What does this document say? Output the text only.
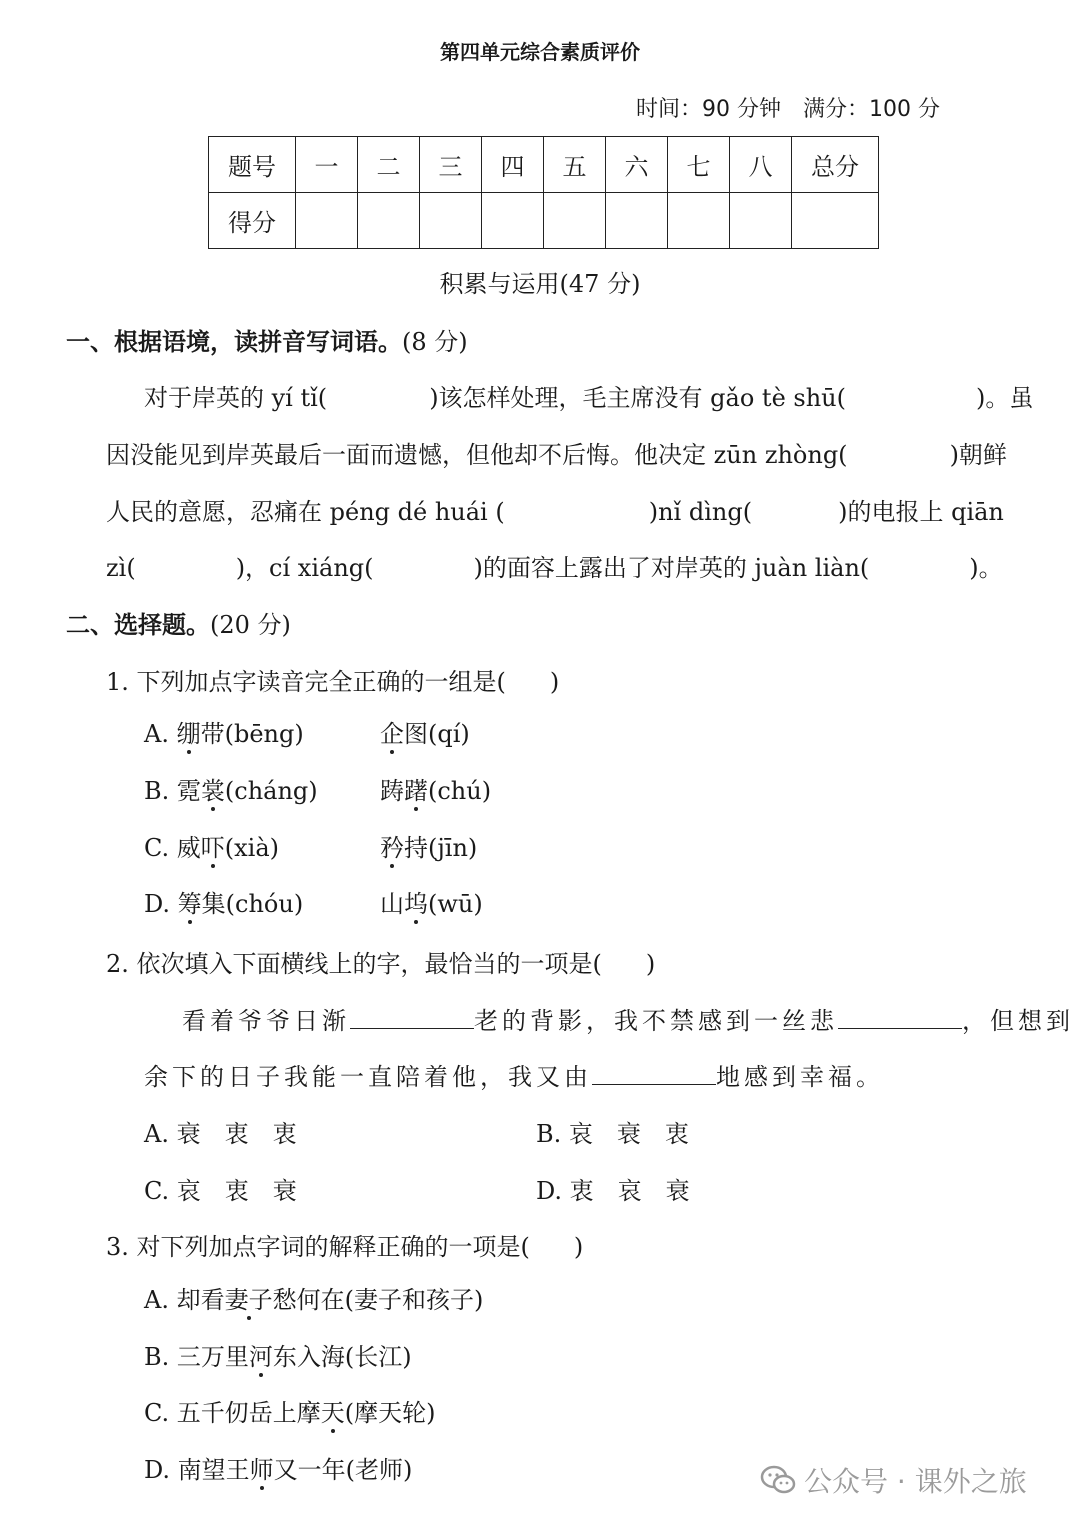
第四单元综合素质评价
时间：90 分钟 满分：100 分
题号	一	二	三	四	五	六	七	八	总分
得分									
积累与运用(47 分)
一、根据语境，读拼音写词语。(8 分)
对于岸英的 yí tǐ(	)该怎样处理，毛主席没有 gǎo tè shū(	)。虽
因没能见到岸英最后一面而遗憾，但他却不后悔。他决定 zūn zhòng(	)朝鲜
人民的意愿，忍痛在 péng dé huái (	)nǐ dìng(	)的电报上 qiān
zì(	)，cí xiáng(	)的面容上露出了对岸英的 juàn liàn(	)。
二、选择题。(20 分)
1. 下列加点字读音完全正确的一组是( )
A. 绷带(bēng)	企图(qí)
B. 霓裳(cháng)	踌躇(chú)
C. 威吓(xià)	矜持(jīn)
D. 筹集(chóu)	山坞(wū)
2. 依次填入下面横线上的字，最恰当的一项是( )
看着爷爷日渐	老的背影，我不禁感到一丝悲	，但想到
余下的日子我能一直陪着他，我又由	地感到幸福。
A. 衰　衷　衷	B. 哀　衰　衷
C. 哀　衷　衰	D. 衷　哀　衰
3. 对下列加点字词的解释正确的一项是( )
A. 却看妻子愁何在(妻子和孩子)
B. 三万里河东入海(长江)
C. 五千仞岳上摩天(摩天轮)
D. 南望王师又一年(老师)	公众号 · 课外之旅
